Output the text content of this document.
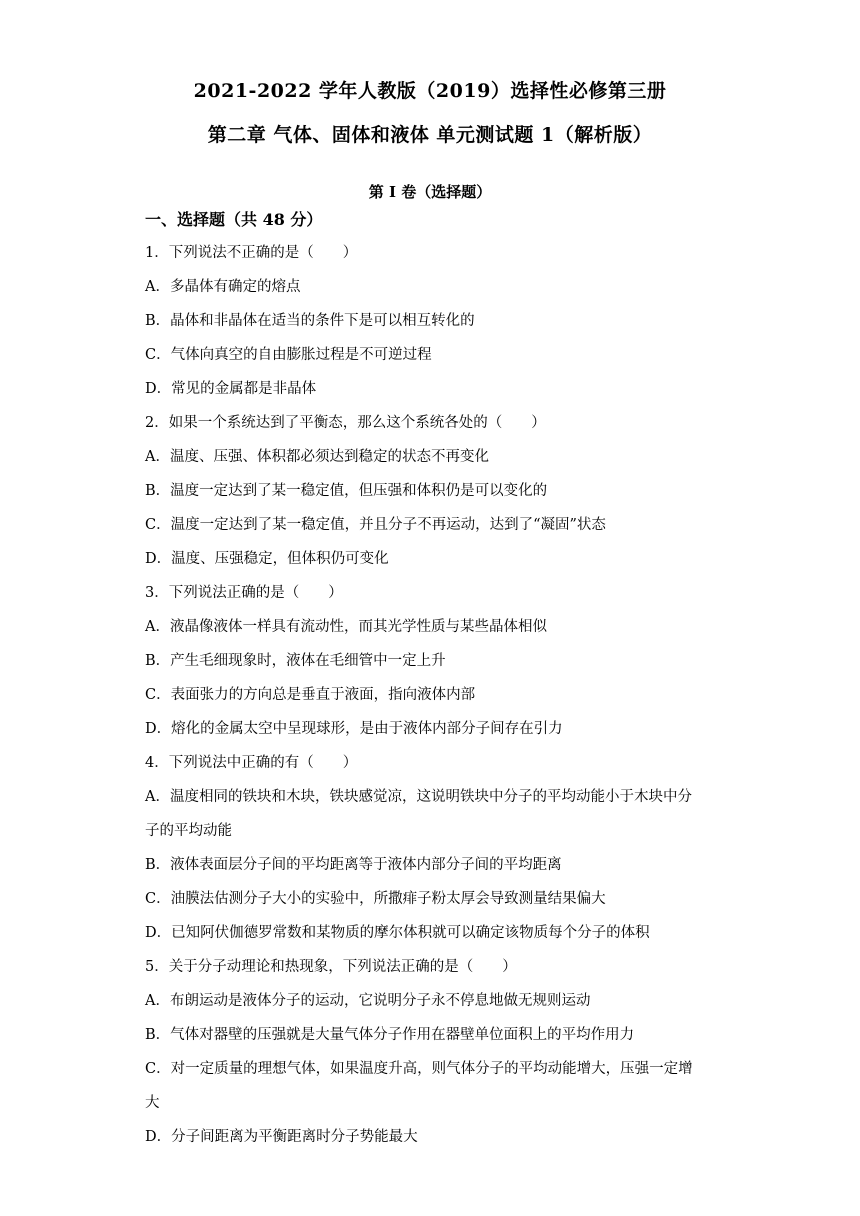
2021-2022 学年人教版（2019）选择性必修第三册
第二章 气体、固体和液体 单元测试题 1（解析版）
第 I 卷（选择题）
一、选择题（共 48 分）
1．下列说法不正确的是（　　）
A．多晶体有确定的熔点
B．晶体和非晶体在适当的条件下是可以相互转化的
C．气体向真空的自由膨胀过程是不可逆过程
D．常见的金属都是非晶体
2．如果一个系统达到了平衡态，那么这个系统各处的（　　）
A．温度、压强、体积都必须达到稳定的状态不再变化
B．温度一定达到了某一稳定值，但压强和体积仍是可以变化的
C．温度一定达到了某一稳定值，并且分子不再运动，达到了“凝固”状态
D．温度、压强稳定，但体积仍可变化
3．下列说法正确的是（　　）
A．液晶像液体一样具有流动性，而其光学性质与某些晶体相似
B．产生毛细现象时，液体在毛细管中一定上升
C．表面张力的方向总是垂直于液面，指向液体内部
D．熔化的金属太空中呈现球形，是由于液体内部分子间存在引力
4．下列说法中正确的有（　　）
A．温度相同的铁块和木块，铁块感觉凉，这说明铁块中分子的平均动能小于木块中分
子的平均动能
B．液体表面层分子间的平均距离等于液体内部分子间的平均距离
C．油膜法估测分子大小的实验中，所撒痱子粉太厚会导致测量结果偏大
D．已知阿伏伽德罗常数和某物质的摩尔体积就可以确定该物质每个分子的体积
5．关于分子动理论和热现象，下列说法正确的是（　　）
A．布朗运动是液体分子的运动，它说明分子永不停息地做无规则运动
B．气体对器壁的压强就是大量气体分子作用在器壁单位面积上的平均作用力
C．对一定质量的理想气体，如果温度升高，则气体分子的平均动能增大，压强一定增
大
D．分子间距离为平衡距离时分子势能最大
